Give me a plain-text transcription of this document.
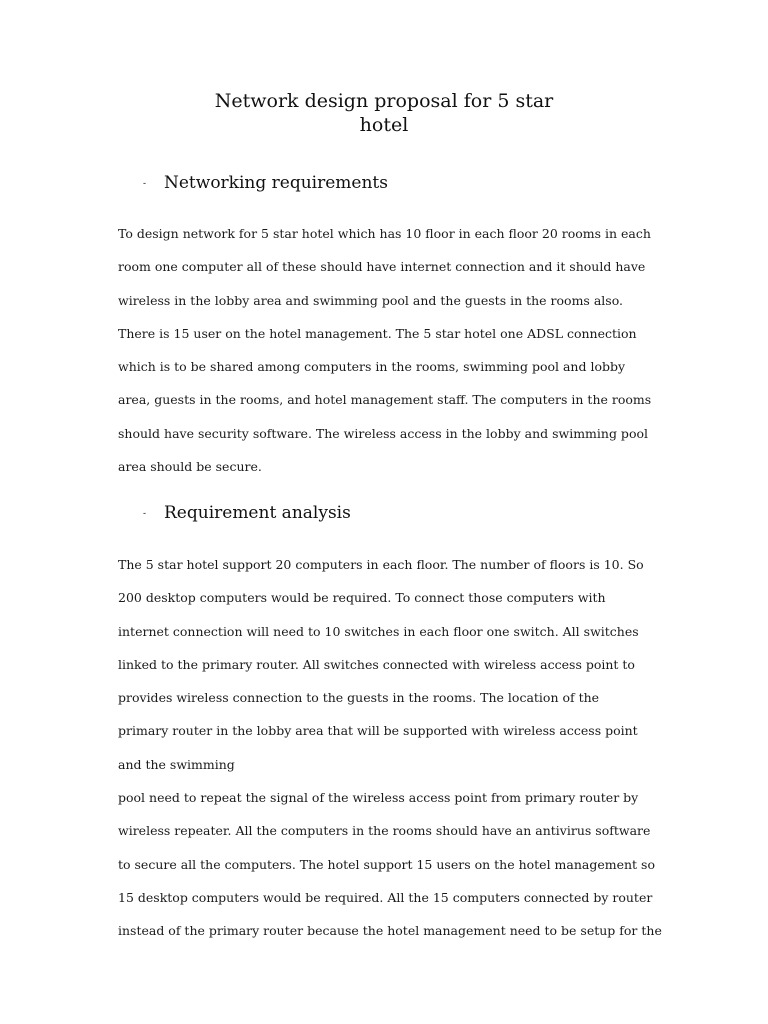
Network design proposal for 5 star
hotel
- Networking requirements
To design network for 5 star hotel which has 10 floor in each floor 20 rooms in each
room one computer all of these should have internet connection and it should have
wireless in the lobby area and swimming pool and the guests in the rooms also.
There is 15 user on the hotel management. The 5 star hotel one ADSL connection
which is to be shared among computers in the rooms, swimming pool and lobby
area, guests in the rooms, and hotel management staff. The computers in the rooms
should have security software. The wireless access in the lobby and swimming pool
area should be secure.
- Requirement analysis
The 5 star hotel support 20 computers in each floor. The number of floors is 10. So
200 desktop computers would be required. To connect those computers with
internet connection will need to 10 switches in each floor one switch. All switches
linked to the primary router. All switches connected with wireless access point to
provides wireless connection to the guests in the rooms. The location of the
primary router in the lobby area that will be supported with wireless access point
and the swimming
pool need to repeat the signal of the wireless access point from primary router by
wireless repeater. All the computers in the rooms should have an antivirus software
to secure all the computers. The hotel support 15 users on the hotel management so
15 desktop computers would be required. All the 15 computers connected by router
instead of the primary router because the hotel management need to be setup for the
